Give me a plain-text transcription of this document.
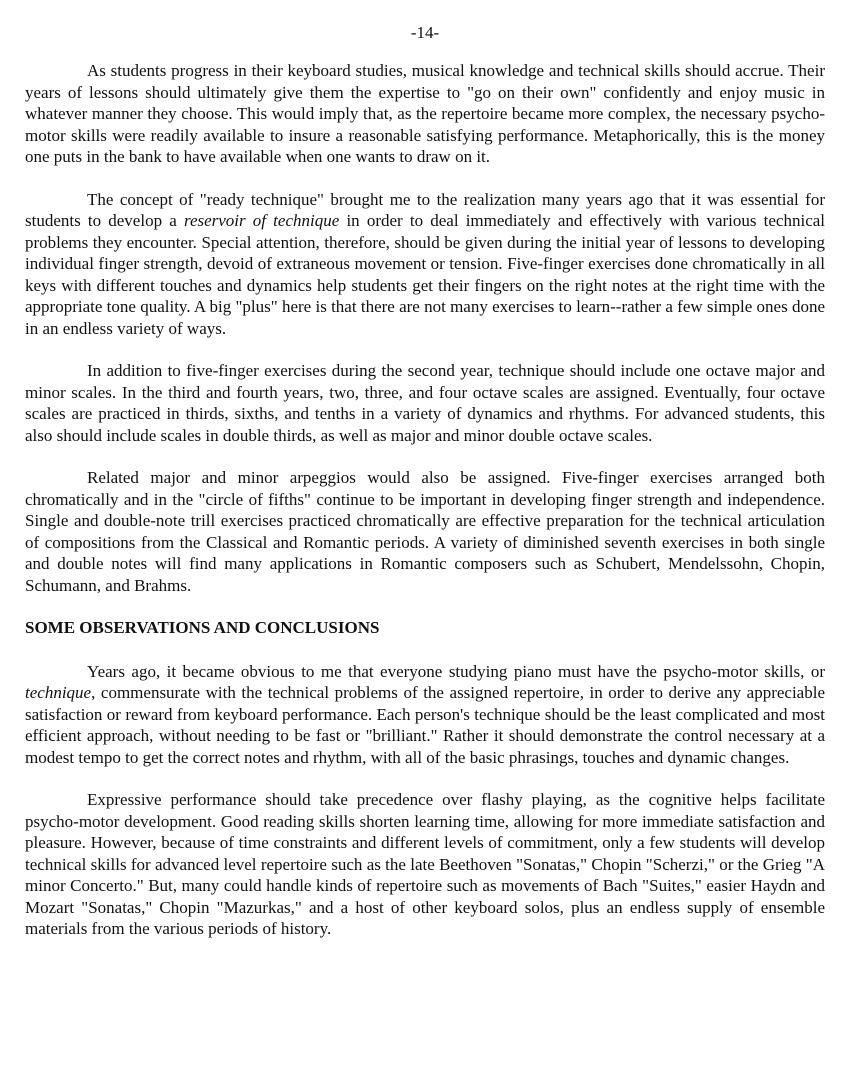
-14-

As students progress in their keyboard studies, musical knowledge and technical skills should accrue. Their years of lessons should ultimately give them the expertise to "go on their own" confidently and enjoy music in whatever manner they choose. This would imply that, as the repertoire became more complex, the necessary psycho-motor skills were readily available to insure a reasonable satisfying performance. Metaphorically, this is the money one puts in the bank to have available when one wants to draw on it.

The concept of "ready technique" brought me to the realization many years ago that it was essential for students to develop a reservoir of technique in order to deal immediately and effectively with various technical problems they encounter. Special attention, therefore, should be given during the initial year of lessons to developing individual finger strength, devoid of extraneous movement or tension. Five-finger exercises done chromatically in all keys with different touches and dynamics help students get their fingers on the right notes at the right time with the appropriate tone quality. A big "plus" here is that there are not many exercises to learn--rather a few simple ones done in an endless variety of ways.

In addition to five-finger exercises during the second year, technique should include one octave major and minor scales. In the third and fourth years, two, three, and four octave scales are assigned. Eventually, four octave scales are practiced in thirds, sixths, and tenths in a variety of dynamics and rhythms. For advanced students, this also should include scales in double thirds, as well as major and minor double octave scales.

Related major and minor arpeggios would also be assigned. Five-finger exercises arranged both chromatically and in the "circle of fifths" continue to be important in developing finger strength and independence. Single and double-note trill exercises practiced chromatically are effective preparation for the technical articulation of compositions from the Classical and Romantic periods. A variety of diminished seventh exercises in both single and double notes will find many applications in Romantic composers such as Schubert, Mendelssohn, Chopin, Schumann, and Brahms.

SOME OBSERVATIONS AND CONCLUSIONS

Years ago, it became obvious to me that everyone studying piano must have the psycho-motor skills, or technique, commensurate with the technical problems of the assigned repertoire, in order to derive any appreciable satisfaction or reward from keyboard performance. Each person's technique should be the least complicated and most efficient approach, without needing to be fast or "brilliant." Rather it should demonstrate the control necessary at a modest tempo to get the correct notes and rhythm, with all of the basic phrasings, touches and dynamic changes.

Expressive performance should take precedence over flashy playing, as the cognitive helps facilitate psycho-motor development. Good reading skills shorten learning time, allowing for more immediate satisfaction and pleasure. However, because of time constraints and different levels of commitment, only a few students will develop technical skills for advanced level repertoire such as the late Beethoven "Sonatas," Chopin "Scherzi," or the Grieg "A minor Concerto." But, many could handle kinds of repertoire such as movements of Bach "Suites," easier Haydn and Mozart "Sonatas," Chopin "Mazurkas," and a host of other keyboard solos, plus an endless supply of ensemble materials from the various periods of history.
